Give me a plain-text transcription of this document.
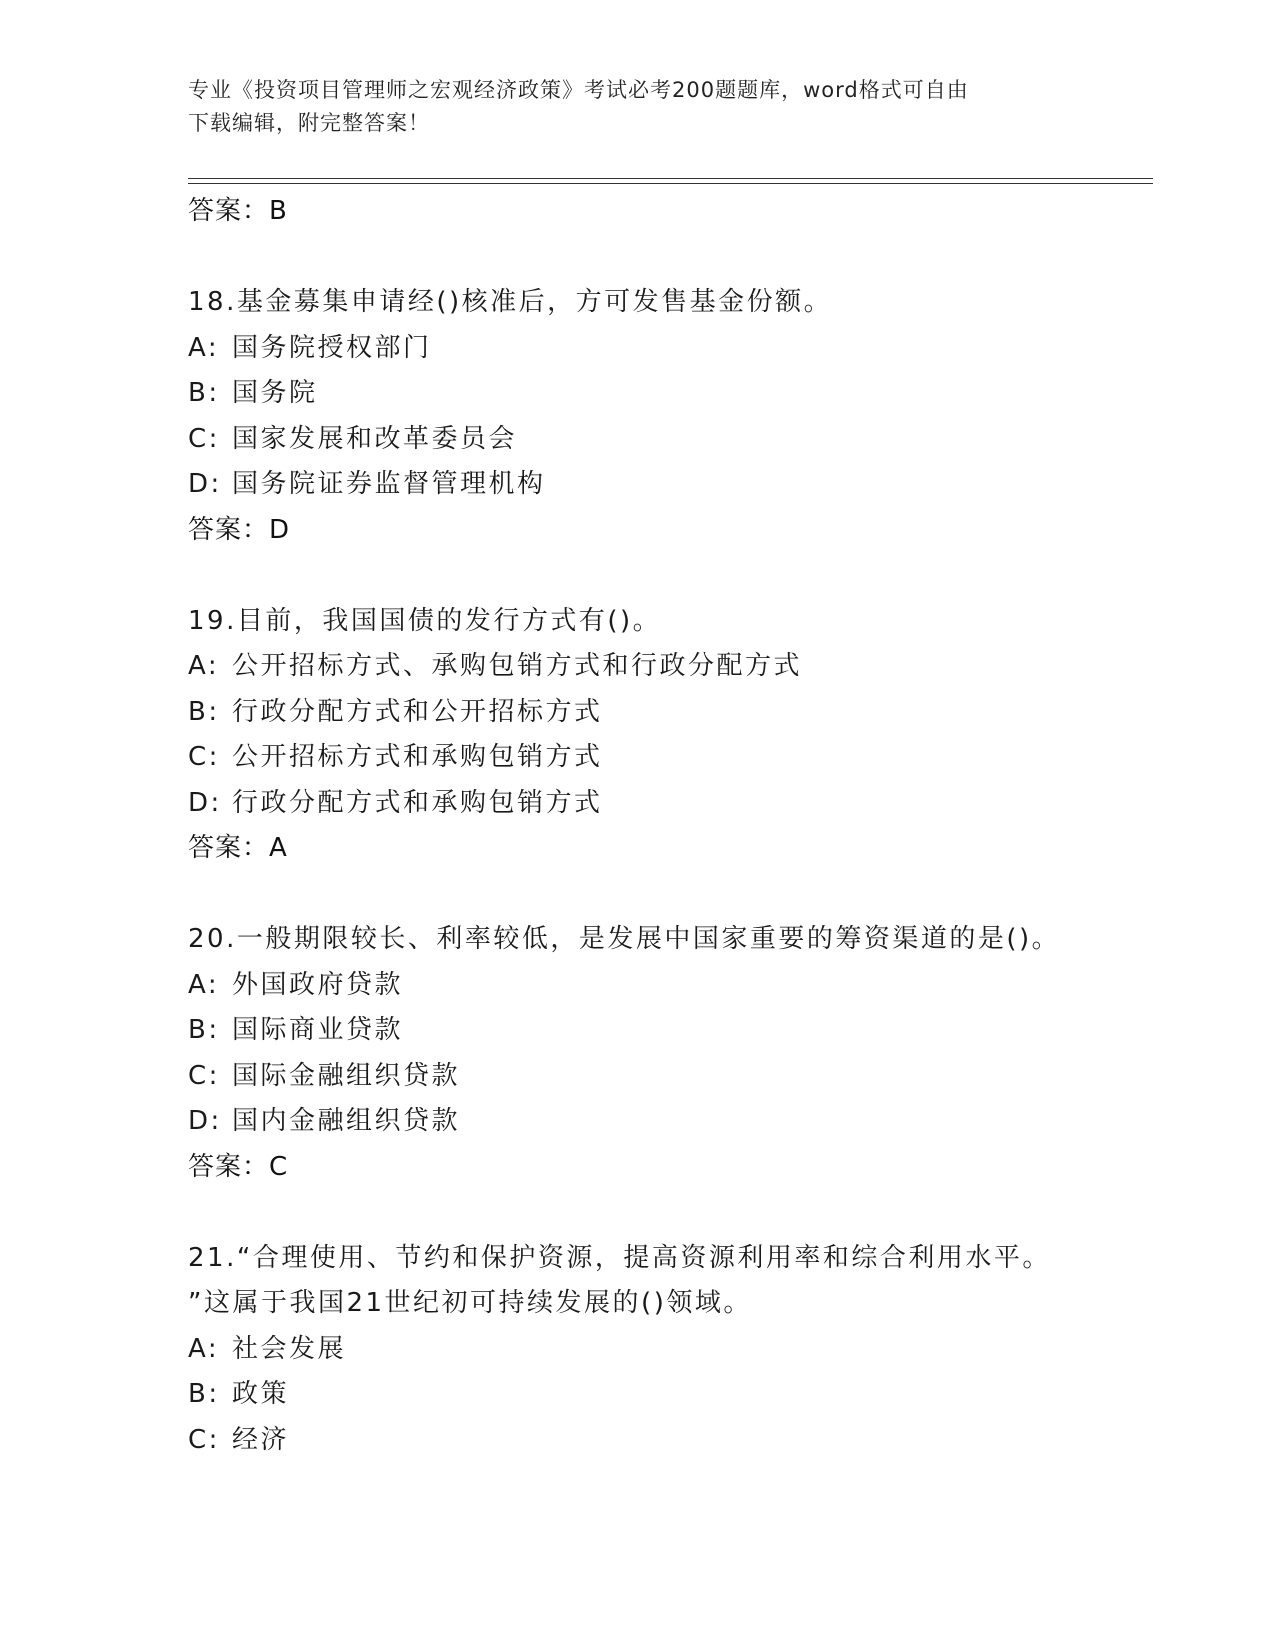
专业《投资项目管理师之宏观经济政策》考试必考200题题库，word格式可自由
下载编辑，附完整答案！
答案：B
18.基金募集申请经()核准后，方可发售基金份额。
A: 国务院授权部门
B: 国务院
C: 国家发展和改革委员会
D: 国务院证券监督管理机构
答案：D
19.目前，我国国债的发行方式有()。
A: 公开招标方式、承购包销方式和行政分配方式
B: 行政分配方式和公开招标方式
C: 公开招标方式和承购包销方式
D: 行政分配方式和承购包销方式
答案：A
20.一般期限较长、利率较低，是发展中国家重要的筹资渠道的是()。
A: 外国政府贷款
B: 国际商业贷款
C: 国际金融组织贷款
D: 国内金融组织贷款
答案：C
21.“合理使用、节约和保护资源，提高资源利用率和综合利用水平。
”这属于我国21世纪初可持续发展的()领域。
A: 社会发展
B: 政策
C: 经济
